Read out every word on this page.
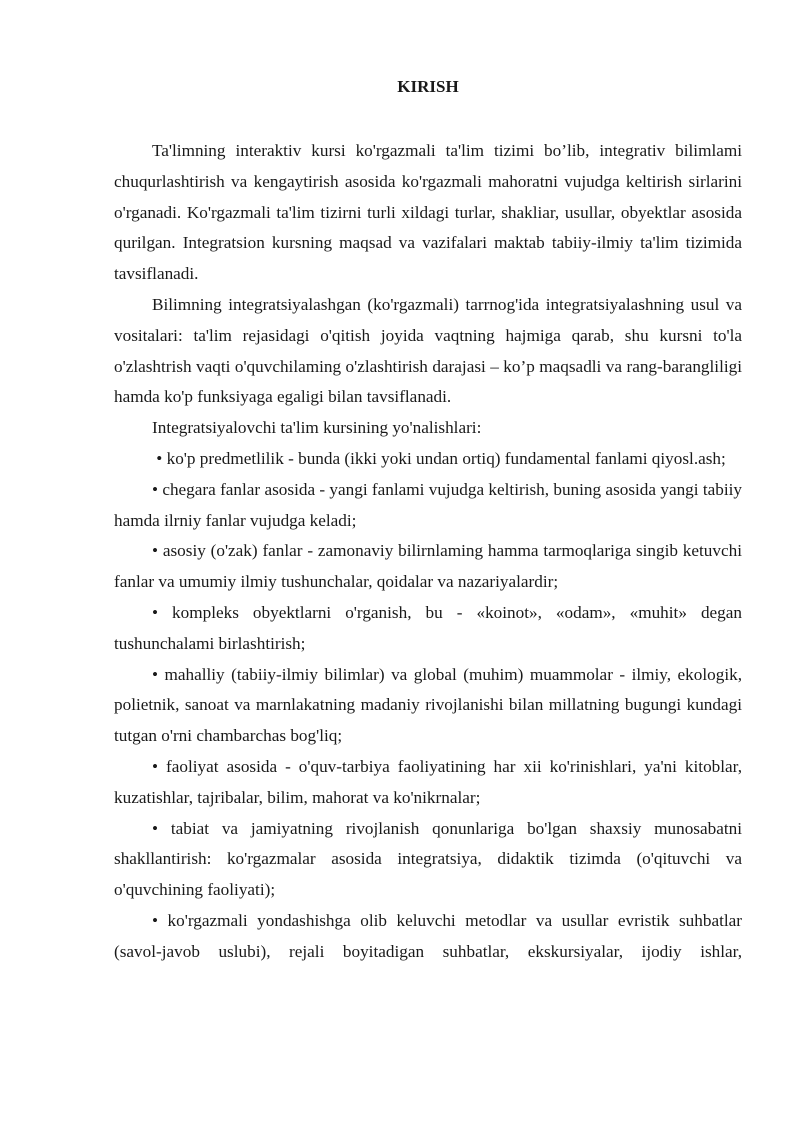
KIRISH

Ta'limning interaktiv kursi ko'rgazmali ta'lim tizimi bo’lib, integrativ bilimlami chuqurlashtirish va kengaytirish asosida ko'rgazmali mahoratni vujudga keltirish sirlarini o'rganadi. Ko'rgazmali ta'lim tizirni turli xildagi turlar, shakliar, usullar, obyektlar asosida qurilgan. Integratsion kursning maqsad va vazifalari maktab tabiiy-ilmiy ta'lim tizimida tavsiflanadi.

Bilimning integratsiyalashgan (ko'rgazmali) tarrnog'ida integratsiyalashning usul va vositalari: ta'lim rejasidagi o'qitish joyida vaqtning hajmiga qarab, shu kursni to'la o'zlashtrish vaqti o'quvchilaming o'zlashtirish darajasi – ko’p maqsadli va rang-barangliligi hamda ko'p funksiyaga egaligi bilan tavsiflanadi.

Integratsiyalovchi ta'lim kursining yo'nalishlari:

• ko'p predmetlilik - bunda (ikki yoki undan ortiq) fundamental fanlami qiyosl.ash;

• chegara fanlar asosida - yangi fanlami vujudga keltirish, buning asosida yangi tabiiy hamda ilrniy fanlar vujudga keladi;

• asosiy (o'zak) fanlar - zamonaviy bilirnlaming hamma tarmoqlariga singib ketuvchi fanlar va umumiy ilmiy tushunchalar, qoidalar va nazariyalardir;

• kompleks obyektlarni o'rganish, bu - «koinot», «odam», «muhit» degan tushunchalami birlashtirish;

• mahalliy (tabiiy-ilmiy bilimlar) va global (muhim) muammolar - ilmiy, ekologik, polietnik, sanoat va marnlakatning madaniy rivojlanishi bilan millatning bugungi kundagi tutgan o'rni chambarchas bog'liq;

• faoliyat asosida - o'quv-tarbiya faoliyatining har xii ko'rinishlari, ya'ni kitoblar, kuzatishlar, tajribalar, bilim, mahorat va ko'nikrnalar;

• tabiat va jamiyatning rivojlanish qonunlariga bo'lgan shaxsiy munosabatni shakllantirish: ko'rgazmalar asosida integratsiya, didaktik tizimda (o'qituvchi va o'quvchining faoliyati);

• ko'rgazmali yondashishga olib keluvchi metodlar va usullar evristik suhbatlar (savol-javob uslubi), rejali boyitadigan suhbatlar, ekskursiyalar, ijodiy ishlar,
